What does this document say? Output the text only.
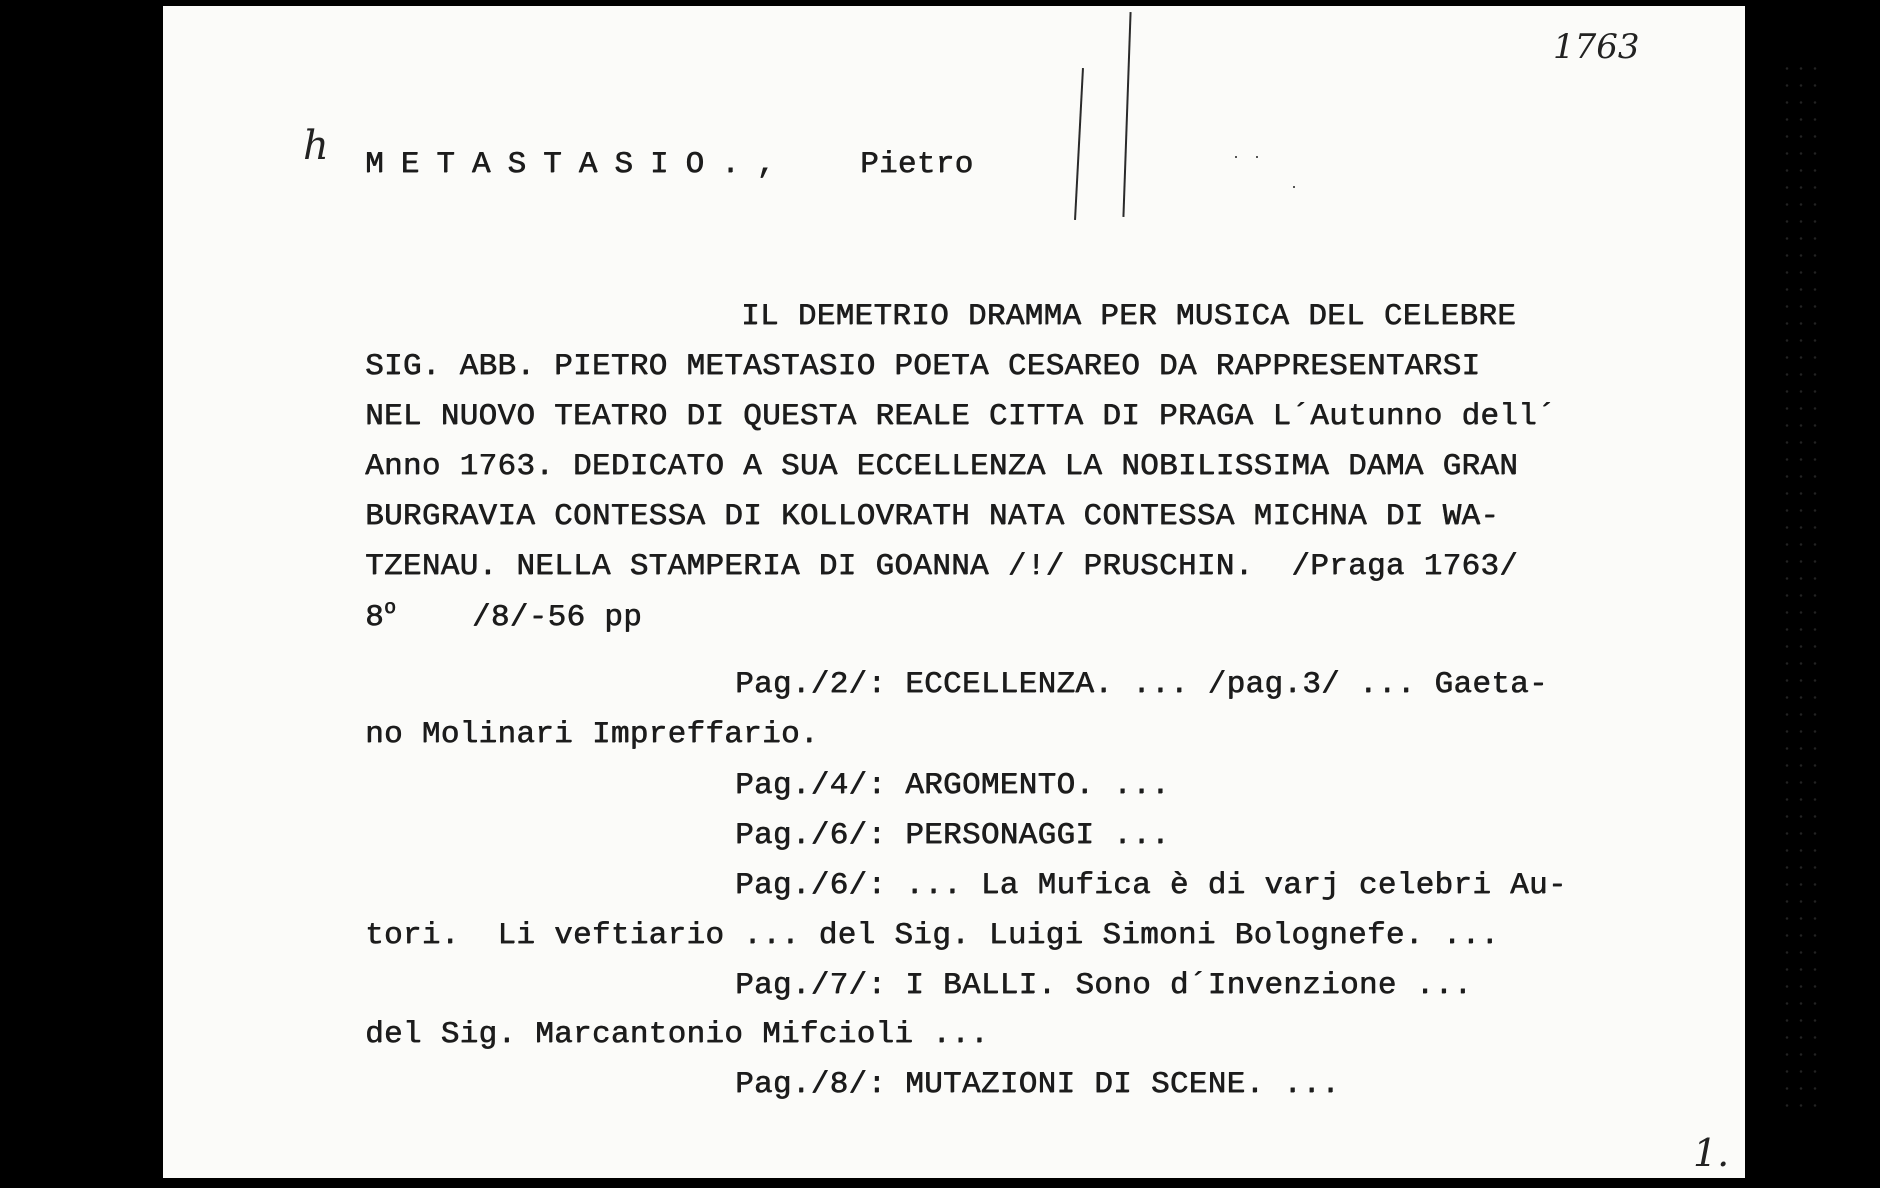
1763
h METASTASIO., Pietro
IL DEMETRIO DRAMMA PER MUSICA DEL CELEBRE
SIG. ABB. PIETRO METASTASIO POETA CESAREO DA RAPPRESENTARSI
NEL NUOVO TEATRO DI QUESTA REALE CITTA DI PRAGA L´Autunno dell´
Anno 1763. DEDICATO A SUA ECCELLENZA LA NOBILISSIMA DAMA GRAN
BURGRAVIA CONTESSA DI KOLLOVRATH NATA CONTESSA MICHNA DI WA-
TZENAU. NELLA STAMPERIA DI GOANNA /!/ PRUSCHIN.  /Praga 1763/
8$^o$ /8/-56 pp
Pag./2/: ECCELLENZA. ... /pag.3/ ... Gaeta-
no Molinari Impreffario.
Pag./4/: ARGOMENTO. ...
Pag./6/: PERSONAGGI ...
Pag./6/: ... La Mufica è di varj celebri Au-
tori.  Li veftiario ... del Sig. Luigi Simoni Bolognefe. ...
Pag./7/: I BALLI. Sono d´Invenzione ...
del Sig. Marcantonio Mifcioli ...
Pag./8/: MUTAZIONI DI SCENE. ...
1.
